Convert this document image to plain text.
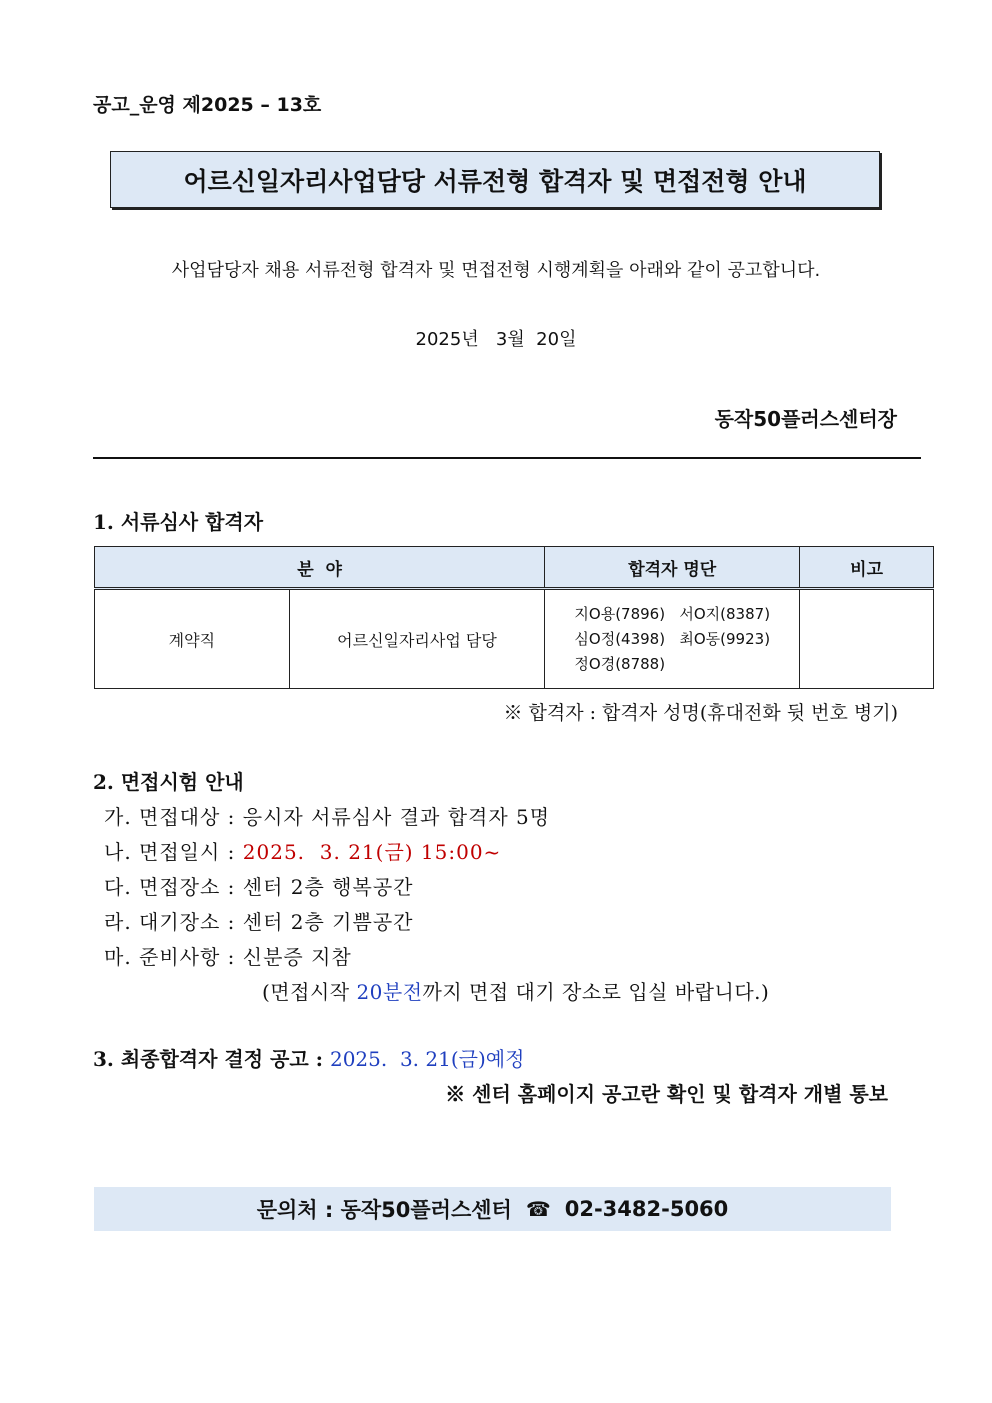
공고_운영 제2025 – 13호
어르신일자리사업담당 서류전형 합격자 및 면접전형 안내
사업담당자 채용 서류전형 합격자 및 면접전형 시행계획을 아래와 같이 공고합니다.
2025년   3월  20일
동작50플러스센터장
1. 서류심사 합격자
분  야		합격자 명단	비고
계약직	어르신일자리사업 담당	지O용(7896)   서O지(8387)
심O정(4398)   최O동(9923)
정O경(8788)	

※ 합격자 : 합격자 성명(휴대전화 뒷 번호 병기)
2. 면접시험 안내
가. 면접대상 : 응시자 서류심사 결과 합격자 5명
나. 면접일시 : 2025.  3. 21(금) 15:00~
다. 면접장소 : 센터 2층 행복공간
라. 대기장소 : 센터 2층 기쁨공간
마. 준비사항 : 신분증 지참
(면접시작 20분전까지 면접 대기 장소로 입실 바랍니다.)
3. 최종합격자 결정 공고 : 2025.  3. 21(금)예정
※ 센터 홈페이지 공고란 확인 및 합격자 개별 통보
문의처 : 동작50플러스센터 ☎ 02-3482-5060
